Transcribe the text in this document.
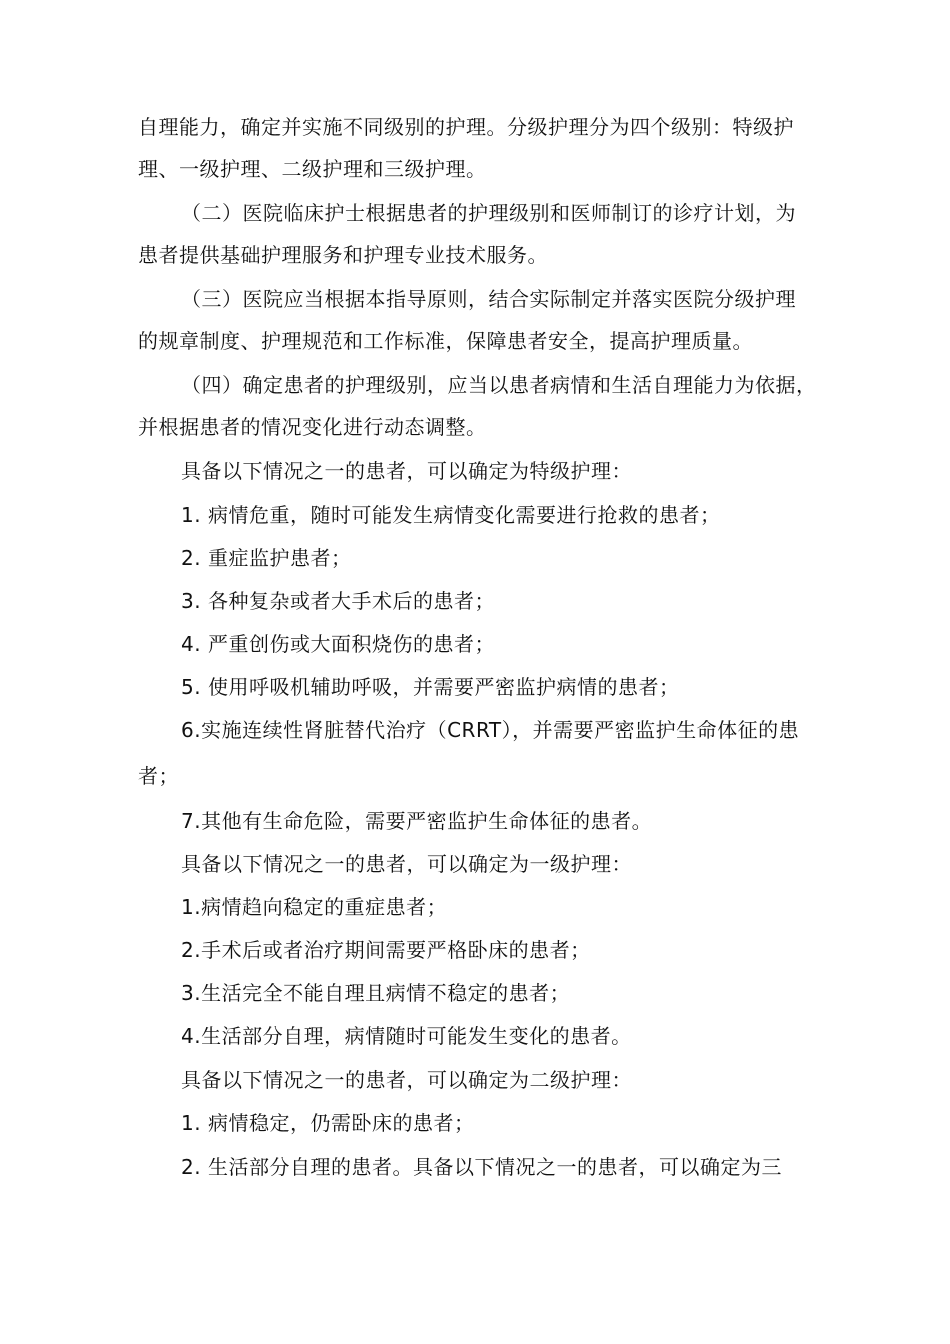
自理能力，确定并实施不同级别的护理。分级护理分为四个级别：特级护
理、一级护理、二级护理和三级护理。
（二）医院临床护士根据患者的护理级别和医师制订的诊疗计划，为
患者提供基础护理服务和护理专业技术服务。
（三）医院应当根据本指导原则，结合实际制定并落实医院分级护理
的规章制度、护理规范和工作标准，保障患者安全，提高护理质量。
（四）确定患者的护理级别，应当以患者病情和生活自理能力为依据，
并根据患者的情况变化进行动态调整。
具备以下情况之一的患者，可以确定为特级护理：
1. 病情危重，随时可能发生病情变化需要进行抢救的患者；
2. 重症监护患者；
3. 各种复杂或者大手术后的患者；
4. 严重创伤或大面积烧伤的患者；
5. 使用呼吸机辅助呼吸，并需要严密监护病情的患者；
6.实施连续性肾脏替代治疗（CRRT），并需要严密监护生命体征的患
者；
7.其他有生命危险，需要严密监护生命体征的患者。
具备以下情况之一的患者，可以确定为一级护理：
1.病情趋向稳定的重症患者；
2.手术后或者治疗期间需要严格卧床的患者；
3.生活完全不能自理且病情不稳定的患者；
4.生活部分自理，病情随时可能发生变化的患者。
具备以下情况之一的患者，可以确定为二级护理：
1. 病情稳定，仍需卧床的患者；
2. 生活部分自理的患者。具备以下情况之一的患者，可以确定为三
